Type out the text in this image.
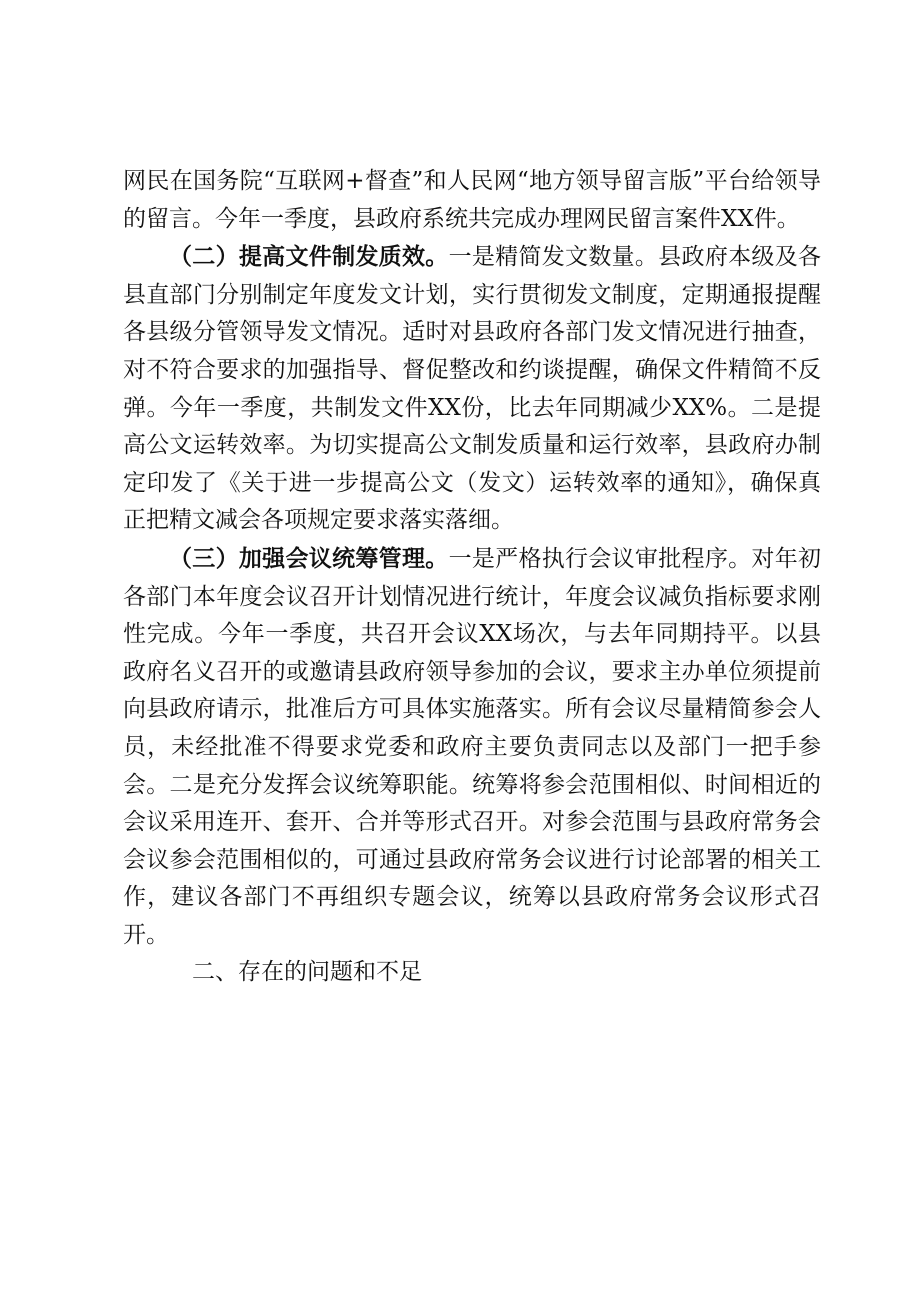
网民在国务院“互联网+督查”和人民网“地方领导留言版”平台给领导的留言。今年一季度，县政府系统共完成办理网民留言案件XX件。

（二）提高文件制发质效。一是精简发文数量。县政府本级及各县直部门分别制定年度发文计划，实行贯彻发文制度，定期通报提醒各县级分管领导发文情况。适时对县政府各部门发文情况进行抽查，对不符合要求的加强指导、督促整改和约谈提醒，确保文件精简不反弹。今年一季度，共制发文件XX份，比去年同期减少XX%。二是提高公文运转效率。为切实提高公文制发质量和运行效率，县政府办制定印发了《关于进一步提高公文（发文）运转效率的通知》，确保真正把精文减会各项规定要求落实落细。

（三）加强会议统筹管理。一是严格执行会议审批程序。对年初各部门本年度会议召开计划情况进行统计，年度会议减负指标要求刚性完成。今年一季度，共召开会议XX场次，与去年同期持平。以县政府名义召开的或邀请县政府领导参加的会议，要求主办单位须提前向县政府请示，批准后方可具体实施落实。所有会议尽量精简参会人员，未经批准不得要求党委和政府主要负责同志以及部门一把手参会。二是充分发挥会议统筹职能。统筹将参会范围相似、时间相近的会议采用连开、套开、合并等形式召开。对参会范围与县政府常务会会议参会范围相似的，可通过县政府常务会议进行讨论部署的相关工作，建议各部门不再组织专题会议，统筹以县政府常务会议形式召开。

二、存在的问题和不足
